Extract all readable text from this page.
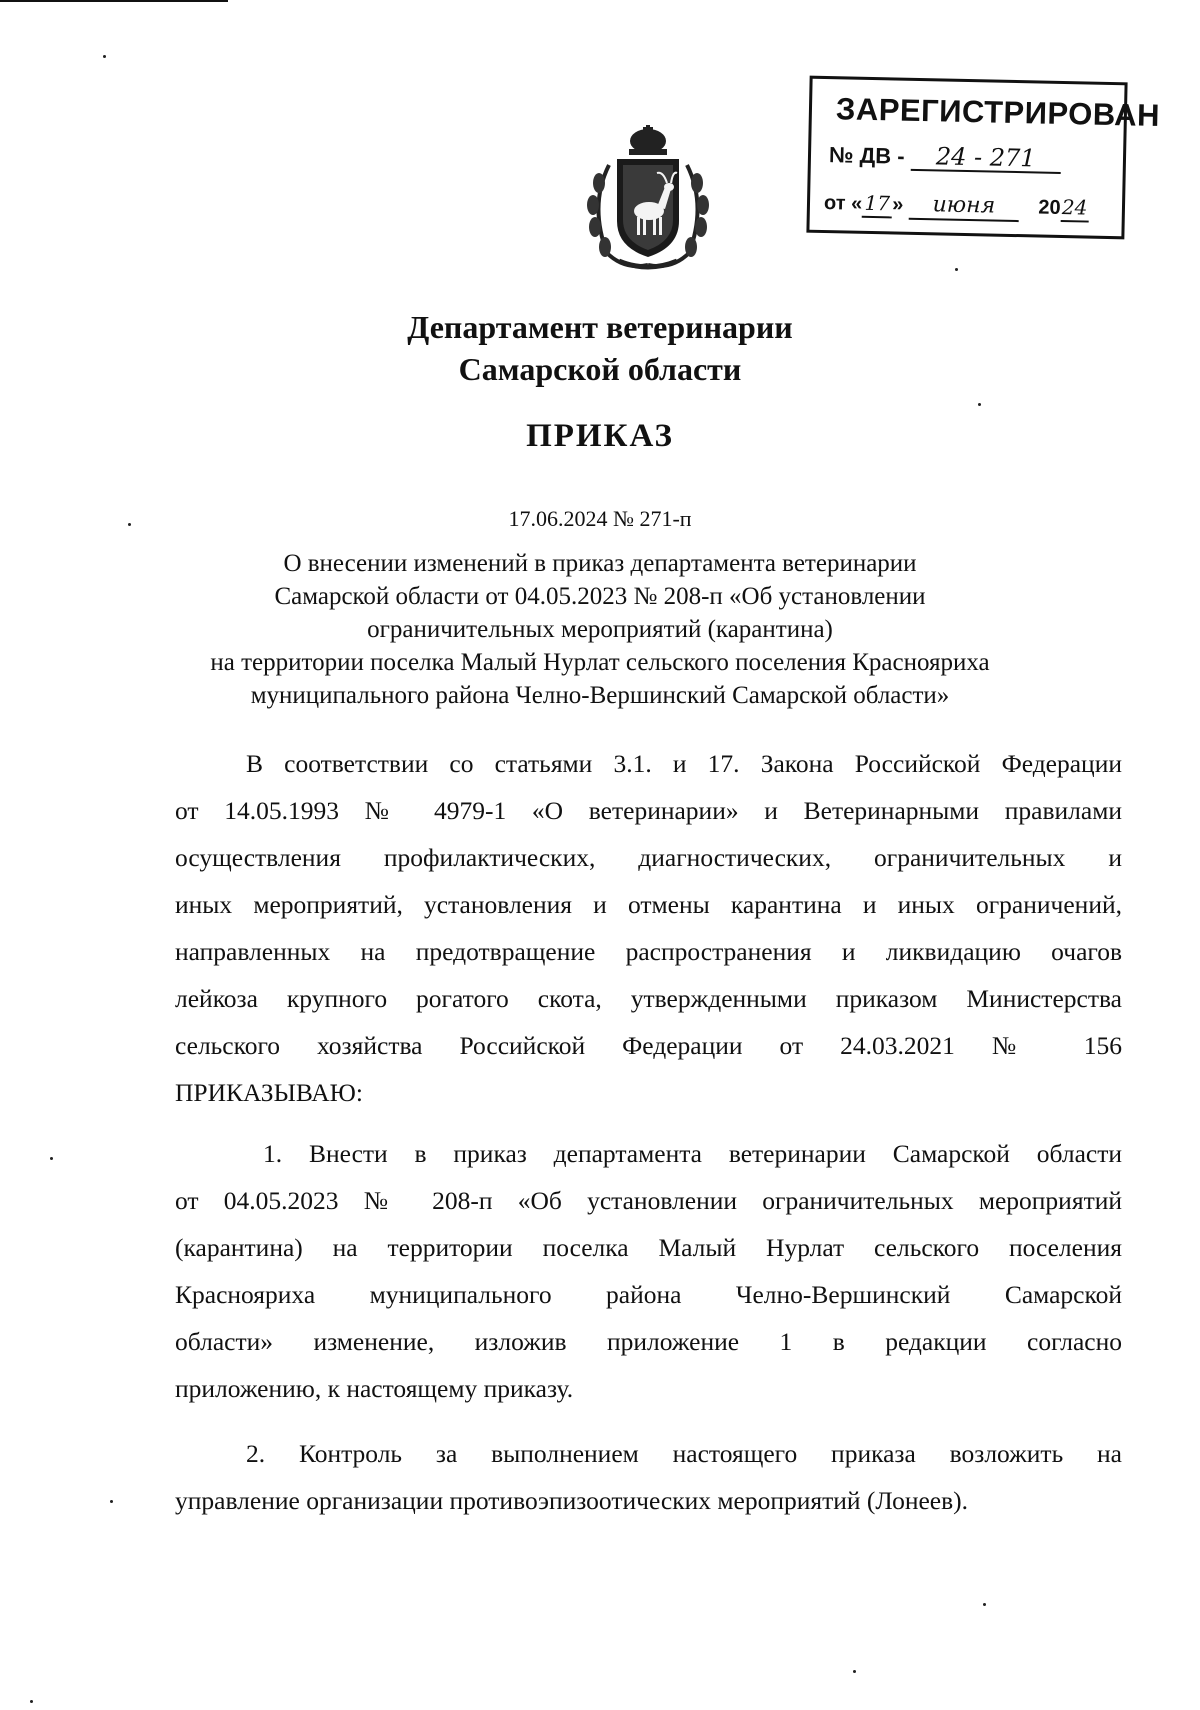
ЗАРЕГИСТРИРОВАН
№ ДВ - 24 - 271
от «17» июня 2024
Департамент ветеринарии
Самарской области
ПРИКАЗ
17.06.2024 № 271-п
О внесении изменений в приказ департамента ветеринарии
Самарской области от 04.05.2023 № 208-п «Об установлении
ограничительных мероприятий (карантина)
на территории поселка Малый Нурлат сельского поселения Краснояриха
муниципального района Челно-Вершинский Самарской области»
В соответствии со статьями 3.1. и 17. Закона Российской Федерации
от 14.05.1993 № 4979-1 «О ветеринарии» и Ветеринарными правилами
осуществления профилактических, диагностических, ограничительных и
иных мероприятий, установления и отмены карантина и иных ограничений,
направленных на предотвращение распространения и ликвидацию очагов
лейкоза крупного рогатого скота, утвержденными приказом Министерства
сельского хозяйства Российской Федерации от 24.03.2021 № 156
ПРИКАЗЫВАЮ:
1. Внести в приказ департамента ветеринарии Самарской области
от 04.05.2023 № 208-п «Об установлении ограничительных мероприятий
(карантина) на территории поселка Малый Нурлат сельского поселения
Краснояриха муниципального района Челно-Вершинский Самарской
области» изменение, изложив приложение 1 в редакции согласно
приложению, к настоящему приказу.
2. Контроль за выполнением настоящего приказа возложить на
управление организации противоэпизоотических мероприятий (Лонеев).
